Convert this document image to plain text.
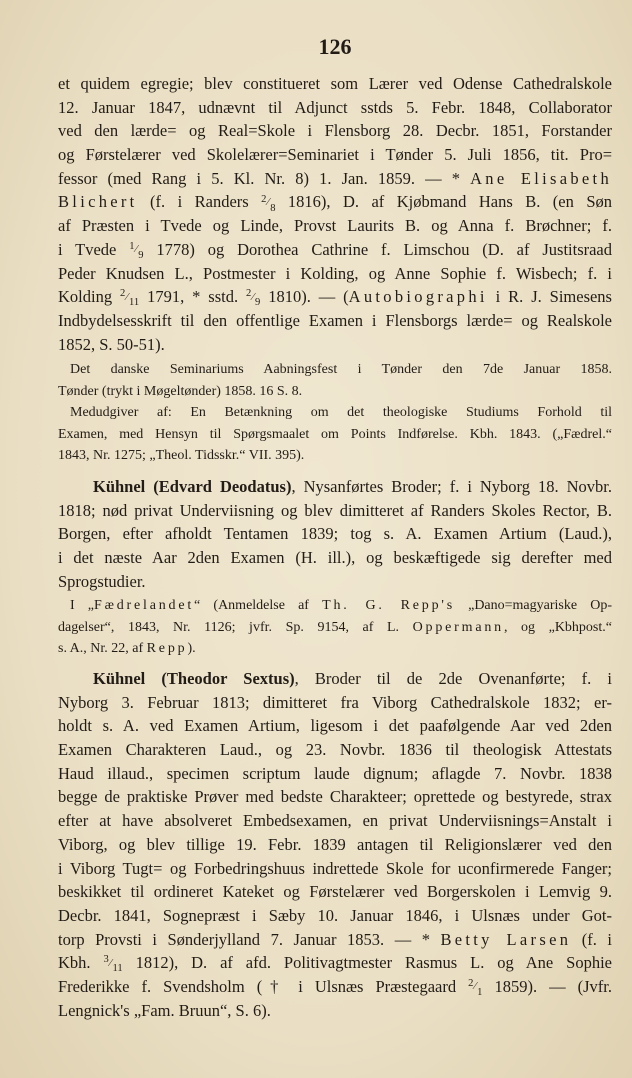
126
et quidem egregie; blev constitueret som Lærer ved Odense Cathedralskole
12. Januar 1847, udnævnt til Adjunct sstds 5. Febr. 1848, Collaborator
ved den lærde= og Real=Skole i Flensborg 28. Decbr. 1851, Forstander
og Førstelærer ved Skolelærer=Seminariet i Tønder 5. Juli 1856, tit. Pro=
fessor (med Rang i 5. Kl. Nr. 8) 1. Jan. 1859. — * Ane Elisabeth
Blichert (f. i Randers 2 ⁄8 1816), D. af Kjøbmand Hans B. (en Søn
af Præsten i Tvede og Linde, Provst Laurits B. og Anna f. Brøchner; f.
i Tvede 1 ⁄9 1778) og Dorothea Cathrine f. Limschou (D. af Justitsraad
Peder Knudsen L., Postmester i Kolding, og Anne Sophie f. Wisbech; f. i
Kolding 2 ⁄11 1791, * sstd. 2 ⁄9 1810). — (Autobiographi i R. J. Simesens
Indbydelsesskrift til den offentlige Examen i Flensborgs lærde= og Realskole
1852, S. 50-51).
Det danske Seminariums Aabningsfest i Tønder den 7de Januar 1858.
Tønder (trykt i Møgeltønder) 1858. 16 S. 8.
Medudgiver af: En Betænkning om det theologiske Studiums Forhold til
Examen, med Hensyn til Spørgsmaalet om Points Indførelse. Kbh. 1843. („Fædrel.“
1843, Nr. 1275; „Theol. Tidsskr.“ VII. 395).
Kühnel (Edvard Deodatus), Nysanførtes Broder; f. i Nyborg 18. Novbr.
1818; nød privat Underviisning og blev dimitteret af Randers Skoles Rector, B.
Borgen, efter afholdt Tentamen 1839; tog s. A. Examen Artium (Laud.),
i det næste Aar 2den Examen (H. ill.), og beskæftigede sig derefter med
Sprogstudier.
I „Fædrelandet“ (Anmeldelse af Th. G. Repp's „Dano=magyariske Op-
dagelser“, 1843, Nr. 1126; jvfr. Sp. 9154, af L. Oppermann, og „Kbhpost.“
s. A., Nr. 22, af Repp).
Kühnel (Theodor Sextus), Broder til de 2de Ovenanførte; f. i
Nyborg 3. Februar 1813; dimitteret fra Viborg Cathedralskole 1832; er-
holdt s. A. ved Examen Artium, ligesom i det paafølgende Aar ved 2den
Examen Charakteren Laud., og 23. Novbr. 1836 til theologisk Attestats
Haud illaud., specimen scriptum laude dignum; aflagde 7. Novbr. 1838
begge de praktiske Prøver med bedste Charakteer; oprettede og bestyrede, strax
efter at have absolveret Embedsexamen, en privat Underviisnings=Anstalt i
Viborg, og blev tillige 19. Febr. 1839 antagen til Religionslærer ved den
i Viborg Tugt= og Forbedringshuus indrettede Skole for uconfirmerede Fanger;
beskikket til ordineret Kateket og Førstelærer ved Borgerskolen i Lemvig 9.
Decbr. 1841, Sognepræst i Sæby 10. Januar 1846, i Ulsnæs under Got-
torp Provsti i Sønderjylland 7. Januar 1853. — * Betty Larsen (f. i
Kbh. 3 ⁄11 1812), D. af afd. Politivagtmester Rasmus L. og Ane Sophie
Frederikke f. Svendsholm († i Ulsnæs Præstegaard 2 ⁄1 1859). — (Jvfr.
Lengnick's „Fam. Bruun“, S. 6).
